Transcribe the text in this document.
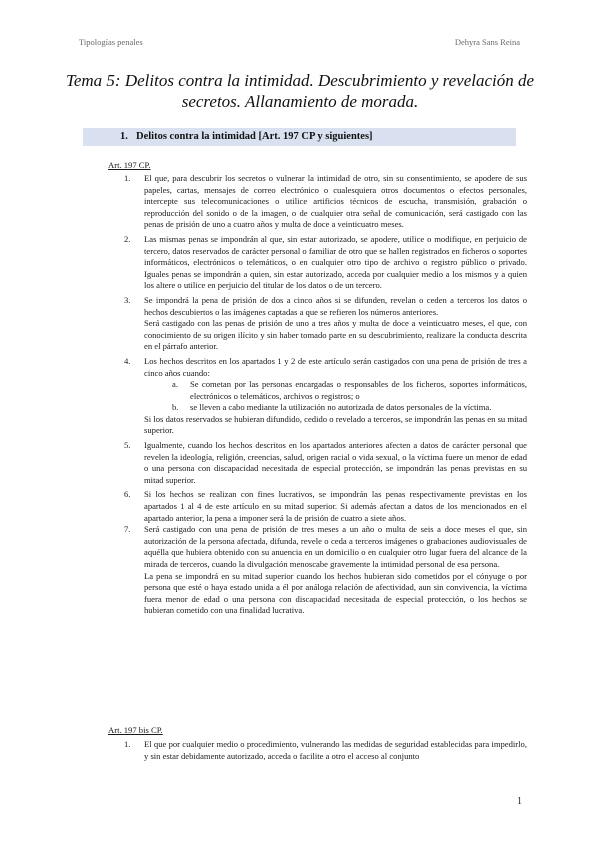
Tipologías penales	Dehyra Sans Reina
Tema 5: Delitos contra la intimidad. Descubrimiento y revelación de secretos. Allanamiento de morada.
1. Delitos contra la intimidad [Art. 197 CP y siguientes]
Art. 197 CP.
1. El que, para descubrir los secretos o vulnerar la intimidad de otro, sin su consentimiento, se apodere de sus papeles, cartas, mensajes de correo electrónico o cualesquiera otros documentos o efectos personales, intercepte sus telecomunicaciones o utilice artificios técnicos de escucha, transmisión, grabación o reproducción del sonido o de la imagen, o de cualquier otra señal de comunicación, será castigado con las penas de prisión de uno a cuatro años y multa de doce a veinticuatro meses.

2. Las mismas penas se impondrán al que, sin estar autorizado, se apodere, utilice o modifique, en perjuicio de tercero, datos reservados de carácter personal o familiar de otro que se hallen registrados en ficheros o soportes informáticos, electrónicos o telemáticos, o en cualquier otro tipo de archivo o registro público o privado. Iguales penas se impondrán a quien, sin estar autorizado, acceda por cualquier medio a los mismos y a quien los altere o utilice en perjuicio del titular de los datos o de un tercero.

3. Se impondrá la pena de prisión de dos a cinco años si se difunden, revelan o ceden a terceros los datos o hechos descubiertos o las imágenes captadas a que se refieren los números anteriores.

Será castigado con las penas de prisión de uno a tres años y multa de doce a veinticuatro meses, el que, con conocimiento de su origen ilícito y sin haber tomado parte en su descubrimiento, realizare la conducta descrita en el párrafo anterior.

4. Los hechos descritos en los apartados 1 y 2 de este artículo serán castigados con una pena de prisión de tres a cinco años cuando:

a. Se cometan por las personas encargadas o responsables de los ficheros, soportes informáticos, electrónicos o telemáticos, archivos o registros; o

b. se lleven a cabo mediante la utilización no autorizada de datos personales de la víctima.

Si los datos reservados se hubieran difundido, cedido o revelado a terceros, se impondrán las penas en su mitad superior.

5. Igualmente, cuando los hechos descritos en los apartados anteriores afecten a datos de carácter personal que revelen la ideología, religión, creencias, salud, origen racial o vida sexual, o la víctima fuere un menor de edad o una persona con discapacidad necesitada de especial protección, se impondrán las penas previstas en su mitad superior.

6. Si los hechos se realizan con fines lucrativos, se impondrán las penas respectivamente previstas en los apartados 1 al 4 de este artículo en su mitad superior. Si además afectan a datos de los mencionados en el apartado anterior, la pena a imponer será la de prisión de cuatro a siete años.

7. Será castigado con una pena de prisión de tres meses a un año o multa de seis a doce meses el que, sin autorización de la persona afectada, difunda, revele o ceda a terceros imágenes o grabaciones audiovisuales de aquélla que hubiera obtenido con su anuencia en un domicilio o en cualquier otro lugar fuera del alcance de la mirada de terceros, cuando la divulgación menoscabe gravemente la intimidad personal de esa persona.

La pena se impondrá en su mitad superior cuando los hechos hubieran sido cometidos por el cónyuge o por persona que esté o haya estado unida a él por análoga relación de afectividad, aun sin convivencia, la víctima fuera menor de edad o una persona con discapacidad necesitada de especial protección, o los hechos se hubieran cometido con una finalidad lucrativa.

Art. 197 bis CP.
1. El que por cualquier medio o procedimiento, vulnerando las medidas de seguridad establecidas para impedirlo, y sin estar debidamente autorizado, acceda o facilite a otro el acceso al conjunto

1
